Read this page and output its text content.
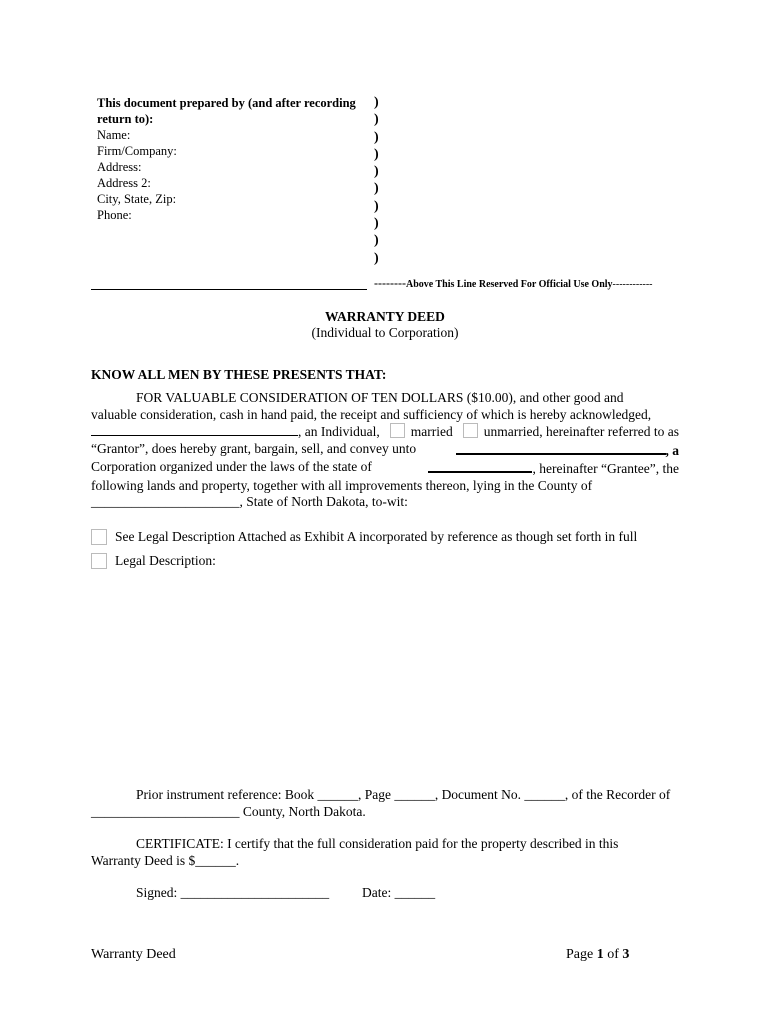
This document prepared by (and after recording
return to):
Name:
Firm/Company:
Address:
Address 2:
City, State, Zip:
Phone:
)
)
)
)
)
)
)
)
)
)
--------Above This Line Reserved For Official Use Only------------
WARRANTY DEED
(Individual to Corporation)
KNOW ALL MEN BY THESE PRESENTS THAT:
FOR VALUABLE CONSIDERATION OF TEN DOLLARS ($10.00), and other good and
valuable consideration, cash in hand paid, the receipt and sufficiency of which is hereby acknowledged,
, an Individual,	married	unmarried, hereinafter referred to as
“Grantor”, does hereby grant, bargain, sell, and convey unto	, a
Corporation organized under the laws of the state of	, hereinafter “Grantee”, the
following lands and property, together with all improvements thereon, lying in the County of
______________________, State of North Dakota, to-wit:
See Legal Description Attached as Exhibit A incorporated by reference as though set forth in full
Legal Description:
Prior instrument reference: Book ______, Page ______, Document No. ______, of the Recorder of
______________________ County, North Dakota.
CERTIFICATE: I certify that the full consideration paid for the property described in this
Warranty Deed is $______.
Signed: ______________________ Date: ______
Warranty Deed	Page 1 of 3
